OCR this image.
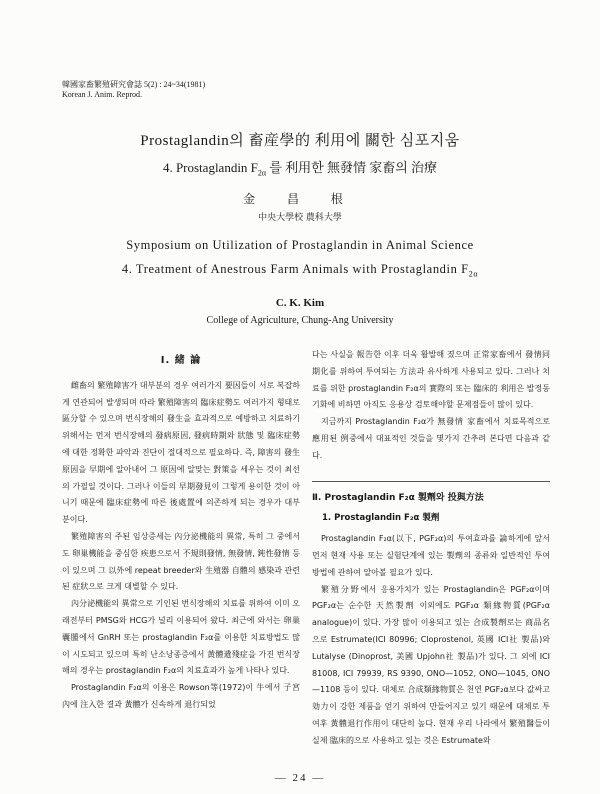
韓國家畜繁殖硏究會誌 5(2) : 24~34(1981)
Korean J. Anim. Reprod.
Prostaglandin의 畜産學的 利用에 關한 심포지움
4. Prostaglandin $F_{2\alpha}$ 를 利用한 無發情 家畜의 治療
金 昌 根
中央大學校 農科大學
Symposium on Utilization of Prostaglandin in Animal Science
4. Treatment of Anestrous Farm Animals with Prostaglandin $F_{2\alpha}$
C. K. Kim
College of Agriculture, Chung-Ang University
Ⅰ. 緒 論

雌畜의 繁殖障害가 대부분의 경우 여러가지 要因들이 서로 복잡하게 연관되어 발생되며 따라 繁殖障害의 臨床症勢도 여러가지 형태로 區分할 수 있으며 번식장해의 發生을 효과적으로 예방하고 치료하기 위해서는 먼저 번식장해의 發病原因, 發病時期와 狀態 및 臨床症勢에 대한 정확한 파악과 진단이 절대적으로 필요하다. 즉, 障害의 發生原因을 早期에 알아내어 그 原因에 알맞는 對策을 세우는 것이 최선의 가필일 것이다. 그러나 이들의 早期發見이 그렇게 용이한 것이 아니기 때문에 臨床症勢에 따른 後處置에 의존하게 되는 경우가 대부분이다.

繁殖障害의 주된 임상증세는 內分泌機能의 異常, 특히 그 중에서도 卵巢機能을 중심한 疾患으로서 不規則發情, 無發情, 鈍性發情 등이 있으며 그 以外에 repeat breeder와 生殖器 自體의 感染과 관련된 症狀으로 크게 대별할 수 있다.

內分泌機能의 異常으로 기인된 번식장해의 치료를 위하여 이미 오래전부터 PMSG와 HCG가 널리 이용되어 왔다. 최근에 와서는 卵巢囊腫에서 GnRH 또는 prostaglandin F₂α를 이용한 치료방법도 많이 시도되고 있으며 특히 난소낭종증에서 黃體遺殘症을 가진 번식장해의 경우는 prostaglandin F₂α의 치료효과가 높게 나타나 있다.

Prostaglandin F₂α의 이용은 Rowson等(1972)이 牛에서 子宮內에 注入한 결과 黃體가 신속하게 退行되었

다는 사실을 報告한 이후 더욱 활발해 졌으며 正常家畜에서 發情同期化를 위하여 투여되는 方法과 유사하게 사용되고 있다. 그러나 치료를 위한 prostaglandin F₂α의 實際의 또는 臨床的 利用은 발정동기화에 비하면 아직도 응용상 검토해야할 문제점들이 많이 있다.

지금까지 Prostaglandin F₂α가 無發情 家畜에서 치료목적으로 應用된 例중에서 대표적인 것들을 몇가지 간추려 본다면 다음과 같다.

Ⅱ. Prostaglandin F₂α 製劑와 投與方法
1. Prostaglandin F₂α 製劑

Prostaglandin F₂α(以下, PGF₂α)의 투여효과를 論하게에 앞서 먼저 현재 사용 또는 실험단계에 있는 製劑의 종류와 일반적인 투여방법에 관하여 알아볼 필요가 있다.

繁殖分野에서 응용가치가 있는 Prostaglandin은 PGF₂α이며 PGF₂α는 순수한 天然製劑 이외에도 PGF₂α 類緣物質(PGF₂α analogue)이 있다. 가장 많이 이용되고 있는 合成製劑로는 商品名으로 Estrumate(ICI 80996; Cloprostenol, 英國 ICI社 製品)와 Lutalyse (Dinoprost, 美國 Upjohn社 製品)가 있다. 그 외에 ICI 81008, ICI 79939, RS 9390, ONO—1052, ONO—1045, ONO—1108 등이 있다. 대체로 合成類緣物質은 천연 PGF₂α보다 값싸고 効力이 강한 제품을 얻기 위하여 만들어지고 있기 때문에 대체로 투여후 黃體退行作用이 대단히 높다. 현재 우리 나라에서 繁殖醫들이 실제 臨床的으로 사용하고 있는 것은 Estrumate와

— 24 —
